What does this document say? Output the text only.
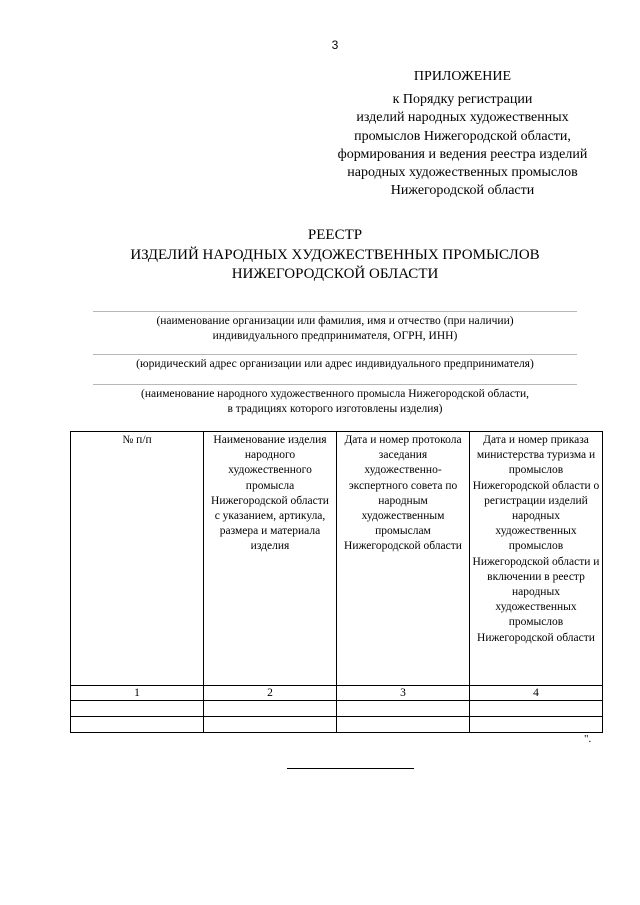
3
ПРИЛОЖЕНИЕ
к Порядку регистрации
изделий народных художественных
промыслов Нижегородской области,
формирования и ведения реестра изделий
народных художественных промыслов
Нижегородской области
РЕЕСТР
ИЗДЕЛИЙ НАРОДНЫХ ХУДОЖЕСТВЕННЫХ ПРОМЫСЛОВ
НИЖЕГОРОДСКОЙ ОБЛАСТИ
(наименование организации или фамилия, имя и отчество (при наличии)
индивидуального предпринимателя, ОГРН, ИНН)
(юридический адрес организации или адрес индивидуального предпринимателя)
(наименование народного художественного промысла Нижегородской области,
в традициях которого изготовлены изделия)
№ п/п	Наименование изделия народного художественного промысла Нижегородской области с указанием, артикула, размера и материала изделия	Дата и номер протокола заседания художественно-экспертного совета по народным художественным промыслам Нижегородской области	Дата и номер приказа министерства туризма и промыслов Нижегородской области о регистрации изделий народных художественных промыслов Нижегородской области и включении в реестр народных художественных промыслов Нижегородской области
1	2	3	4

".
